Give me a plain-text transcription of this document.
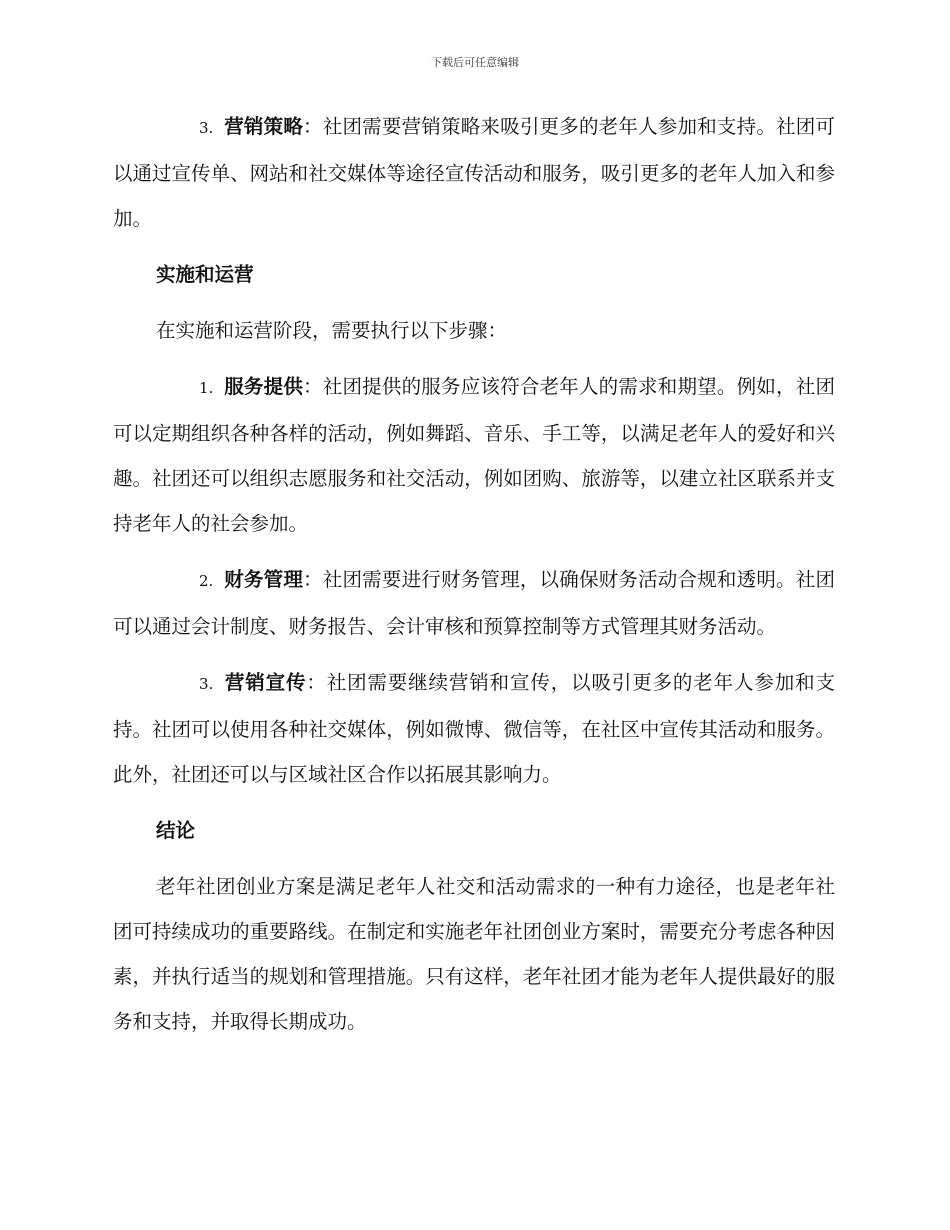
下载后可任意编辑

3. 营销策略：社团需要营销策略来吸引更多的老年人参加和支持。社团可以通过宣传单、网站和社交媒体等途径宣传活动和服务，吸引更多的老年人加入和参加。

实施和运营

在实施和运营阶段，需要执行以下步骤：

1. 服务提供：社团提供的服务应该符合老年人的需求和期望。例如，社团可以定期组织各种各样的活动，例如舞蹈、音乐、手工等，以满足老年人的爱好和兴趣。社团还可以组织志愿服务和社交活动，例如团购、旅游等，以建立社区联系并支持老年人的社会参加。

2. 财务管理：社团需要进行财务管理，以确保财务活动合规和透明。社团可以通过会计制度、财务报告、会计审核和预算控制等方式管理其财务活动。

3. 营销宣传：社团需要继续营销和宣传，以吸引更多的老年人参加和支持。社团可以使用各种社交媒体，例如微博、微信等，在社区中宣传其活动和服务。此外，社团还可以与区域社区合作以拓展其影响力。

结论

老年社团创业方案是满足老年人社交和活动需求的一种有力途径，也是老年社团可持续成功的重要路线。在制定和实施老年社团创业方案时，需要充分考虑各种因素，并执行适当的规划和管理措施。只有这样，老年社团才能为老年人提供最好的服务和支持，并取得长期成功。
